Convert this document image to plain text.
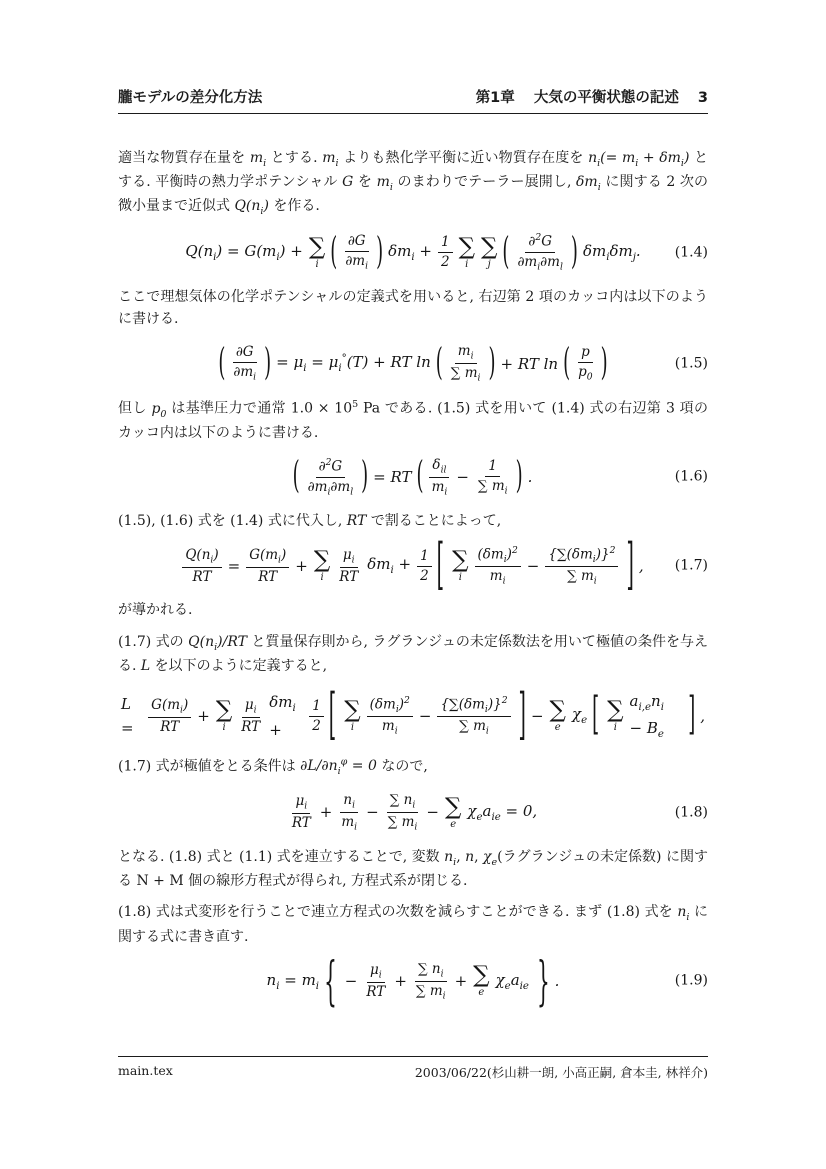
朧モデルの差分化方法	第1章 大気の平衡状態の記述 3

適当な物質存在量を $m_i$ とする. $m_i$ よりも熱化学平衡に近い物質存在度を $n_i(= m_i + \delta m_i)$ とする. 平衡時の熱力学ポテンシャル G を $m_i$ のまわりでテーラー展開し, $\delta m_i$ に関する 2 次の微小量まで近似式 $Q(n_i)$ を作る.

$Q(n_i) = G(m_i)$ + ∑
i ( $\frac{\partial G}{\partial m_i}$ ) $\delta m_i + \frac{1}{2}$ ∑
i
∑
j ( $\frac{\partial^2G}{\partial m_i\partial m_l}$ ) $\delta m_i\delta m_j$. (1.4)

ここで理想気体の化学ポテンシャルの定義式を用いると, 右辺第 2 項のカッコ内は以下のように書ける.

( $\frac{\partial G}{\partial m_i}$ ) = $\mu_i = \mu_i^\circ(T)$ + RT ln ( $\frac{m_i}{\sum m_i}$ ) + RT ln ( $\frac{p}{p_0}$ )	(1.5)

但し $p_0$ は基準圧力で通常 $1.0 \times 10^5$ Pa である. (1.5) 式を用いて (1.4) 式の右辺第 3 項のカッコ内は以下のように書ける.

( $\frac{\partial^2G}{\partial m_i\partial m_l}$ ) = RT ( $\frac{\delta_{il}}{m_i} - \frac{1}{\sum m_i}$ ) .	(1.6)

(1.5), (1.6) 式を (1.4) 式に代入し, RT で割ることによって,

$\frac{Q(n_i)}{RT} = \frac{G(m_i)}{RT}$ + ∑
i $\frac{\mu_i}{RT} \delta m_i + \frac{1}{2}$ [ ∑
i $\frac{(\delta m_i)^2}{m_i} - \frac{\{\sum(\delta m_i)\}^2}{\sum m_i}$ ] , (1.7)

が導かれる.

(1.7) 式の $Q(n_i)/RT$ と質量保存則から, ラグランジュの未定係数法を用いて極値の条件を与える. L を以下のように定義すると,

L =	$\frac{G(m_i)}{RT}$ + ∑
i $\frac{\mu_i}{RT} \delta m_i$ +	$\frac{1}{2}$ [ ∑
i $\frac{(\delta m_i)^2}{m_i} - \frac{\{\sum(\delta m_i)\}^2}{\sum m_i}$ ] − ∑
e
$\chi_e$ [ ∑
i
$a_{i,e}n_i - B_e$	] ,

(1.7) 式が極値をとる条件は $\partial L/\partial n_i^\varphi = 0$ なので,

$\frac{\mu_i}{RT} + \frac{n_i}{m_i} - \frac{\sum n_i}{\sum m_i}$ − ∑
e
$\chi_ea_{ie} = 0$,	(1.8)

となる. (1.8) 式と (1.1) 式を連立することで, 変数 $n_i$, n, $\chi_e$(ラグランジュの未定係数) に関する N + M 個の線形方程式が得られ, 方程式系が閉じる.

(1.8) 式は式変形を行うことで連立方程式の次数を減らすことができる. まず (1.8) 式を $n_i$ に関する式に書き直す.

$n_i = m_i$ { − $\frac{\mu_i}{RT} + \frac{\sum n_i}{\sum m_i}$ + ∑
e
$\chi_ea_{ie}$ } .	(1.9)
main.tex	2003/06/22(杉山耕一朗, 小高正嗣, 倉本圭, 林祥介)
